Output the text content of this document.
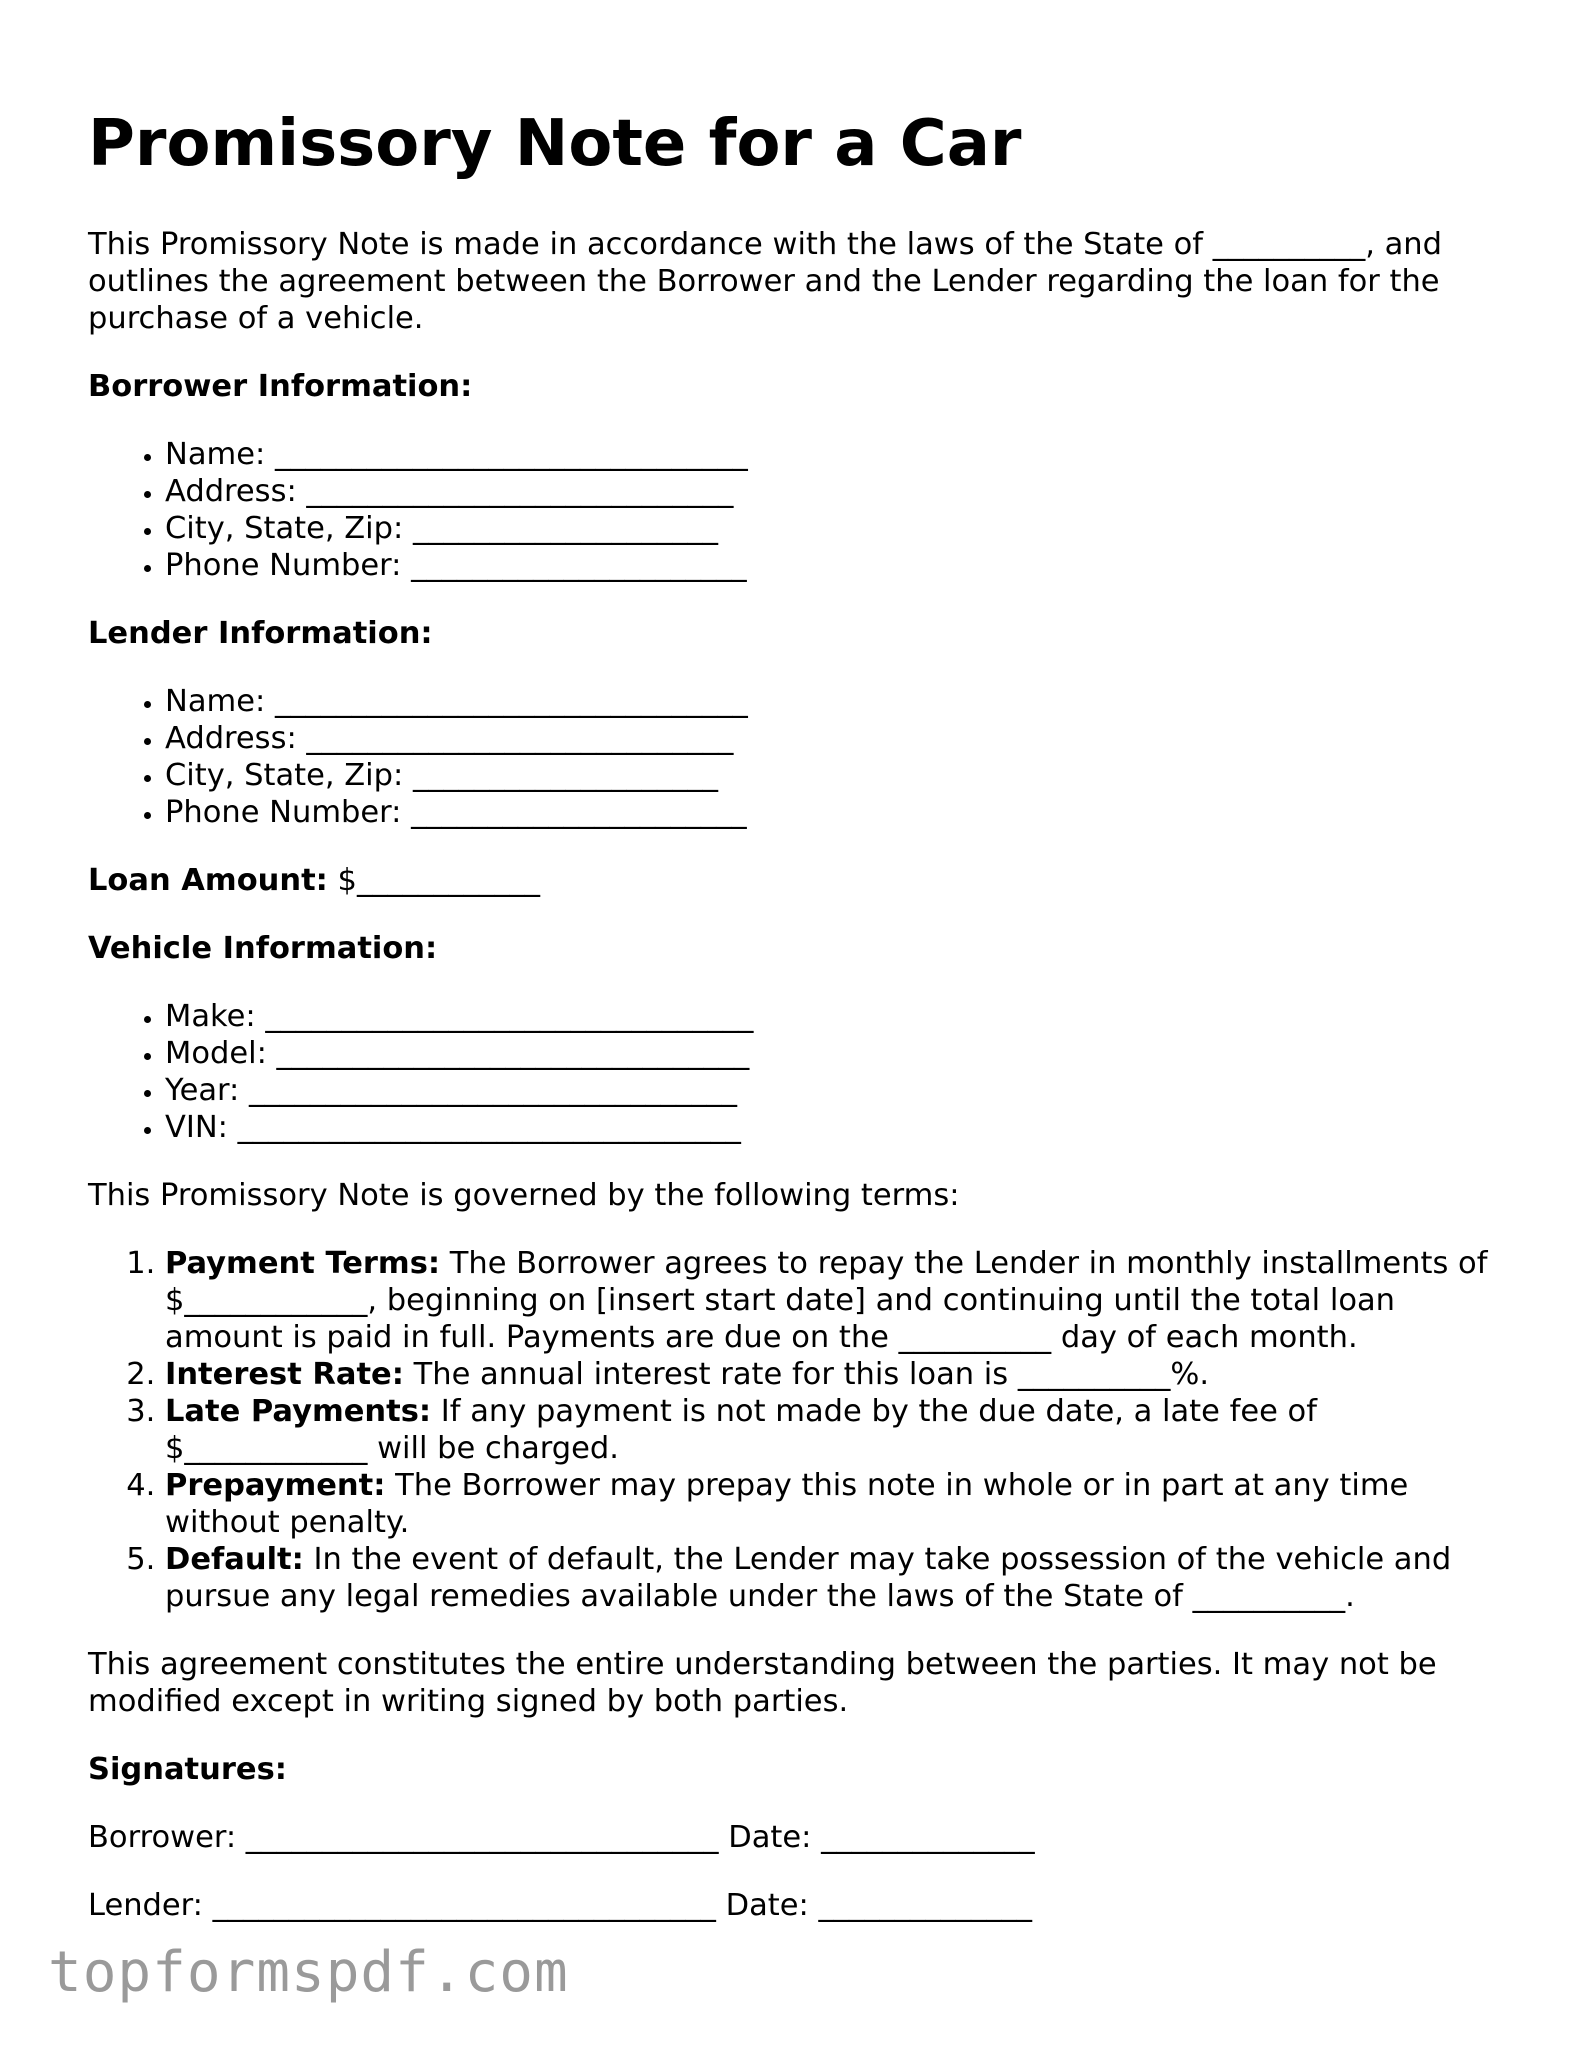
Promissory Note for a Car

This Promissory Note is made in accordance with the laws of the State of __________, and outlines the agreement between the Borrower and the Lender regarding the loan for the purchase of a vehicle.

Borrower Information:

• Name: _______________________________
• Address: ____________________________
• City, State, Zip: ____________________
• Phone Number: ______________________

Lender Information:

• Name: _______________________________
• Address: ____________________________
• City, State, Zip: ____________________
• Phone Number: ______________________

Loan Amount: $____________

Vehicle Information:

• Make: ________________________________
• Model: _______________________________
• Year: ________________________________
• VIN: _________________________________

This Promissory Note is governed by the following terms:

1. Payment Terms: The Borrower agrees to repay the Lender in monthly installments of $____________, beginning on [insert start date] and continuing until the total loan amount is paid in full. Payments are due on the __________ day of each month.
2. Interest Rate: The annual interest rate for this loan is __________%.
3. Late Payments: If any payment is not made by the due date, a late fee of $____________ will be charged.
4. Prepayment: The Borrower may prepay this note in whole or in part at any time without penalty.
5. Default: In the event of default, the Lender may take possession of the vehicle and pursue any legal remedies available under the laws of the State of __________.

This agreement constitutes the entire understanding between the parties. It may not be modified except in writing signed by both parties.

Signatures:

Borrower: _______________________________ Date: ______________

Lender: _________________________________ Date: ______________

topformspdf.com
